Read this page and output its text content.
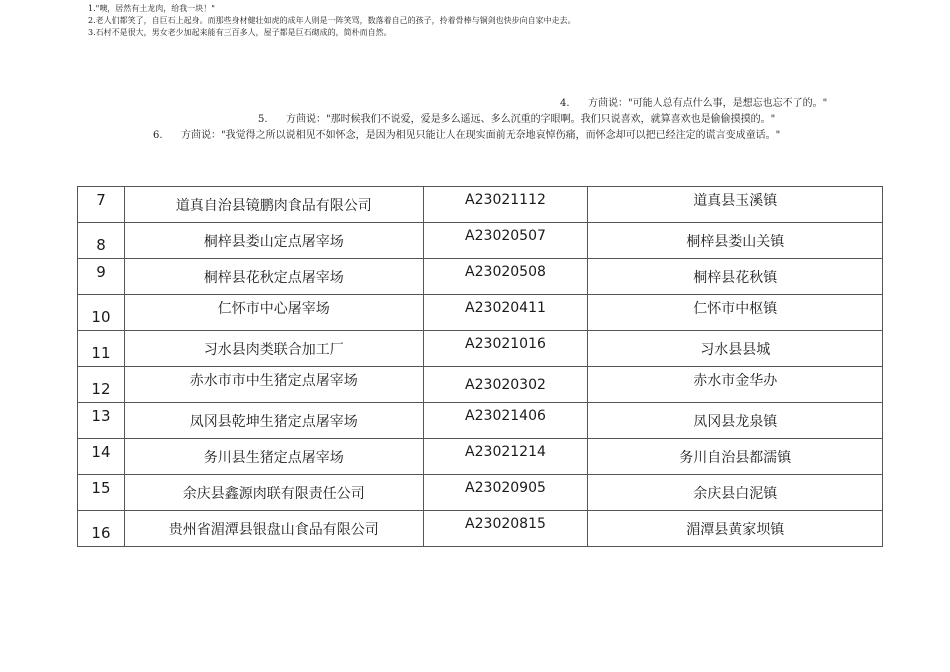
1."噢，居然有土龙肉，给我一块！"
2.老人们都笑了，自巨石上起身。而那些身材健壮如虎的成年人则是一阵笑骂，数落着自己的孩子，拎着骨棒与铜剑也快步向自家中走去。
3.石村不是很大，男女老少加起来能有三百多人，屋子都是巨石砌成的，简朴而自然。
4. 方茴说："可能人总有点什么事，是想忘也忘不了的。"
5. 方茴说："那时候我们不说爱，爱是多么遥远、多么沉重的字眼啊。我们只说喜欢，就算喜欢也是偷偷摸摸的。"
6. 方茴说："我觉得之所以说相见不如怀念，是因为相见只能让人在现实面前无奈地哀悼伤痛，而怀念却可以把已经注定的谎言变成童话。"
7	道真自治县镜鹏肉食品有限公司	A23021112	道真县玉溪镇
8	桐梓县娄山定点屠宰场	A23020507	桐梓县娄山关镇
9	桐梓县花秋定点屠宰场	A23020508	桐梓县花秋镇
10	仁怀市中心屠宰场	A23020411	仁怀市中枢镇
11	习水县肉类联合加工厂	A23021016	习水县县城
12	赤水市市中生猪定点屠宰场	A23020302	赤水市金华办
13	凤冈县乾坤生猪定点屠宰场	A23021406	凤冈县龙泉镇
14	务川县生猪定点屠宰场	A23021214	务川自治县都濡镇
15	余庆县鑫源肉联有限责任公司	A23020905	余庆县白泥镇
16	贵州省湄潭县银盘山食品有限公司	A23020815	湄潭县黄家坝镇
